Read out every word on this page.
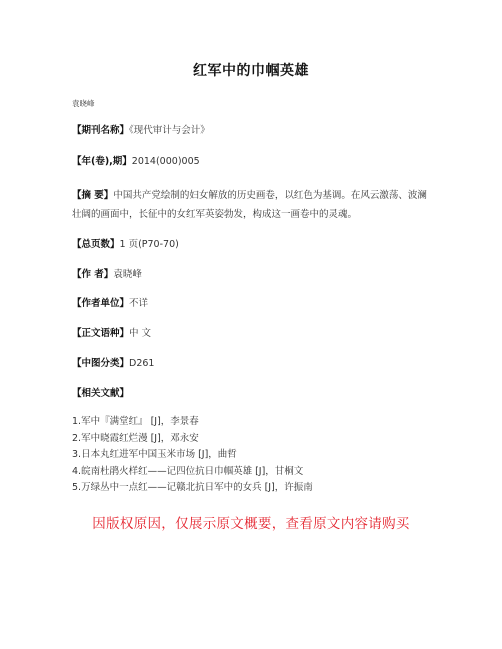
红军中的巾帼英雄
袁晓峰
【期刊名称】《现代审计与会计》
【年(卷),期】2014(000)005
【摘 要】中国共产党绘制的妇女解放的历史画卷，以红色为基调。在风云激荡、波澜壮阔的画面中，长征中的女红军英姿勃发，构成这一画卷中的灵魂。
【总页数】1 页(P70-70)
【作 者】袁晓峰
【作者单位】不详
【正文语种】中 文
【中图分类】D261
【相关文献】
1.军中『满堂红』 [J]，李景春
2.军中晓霞红烂漫 [J]，邓永安
3.日本丸红进军中国玉米市场 [J]，曲哲
4.皖南杜鹃火样红——记四位抗日巾帼英雄 [J]，甘桐文
5.万绿丛中一点红——记赣北抗日军中的女兵 [J]，许振南
因版权原因，仅展示原文概要，查看原文内容请购买
